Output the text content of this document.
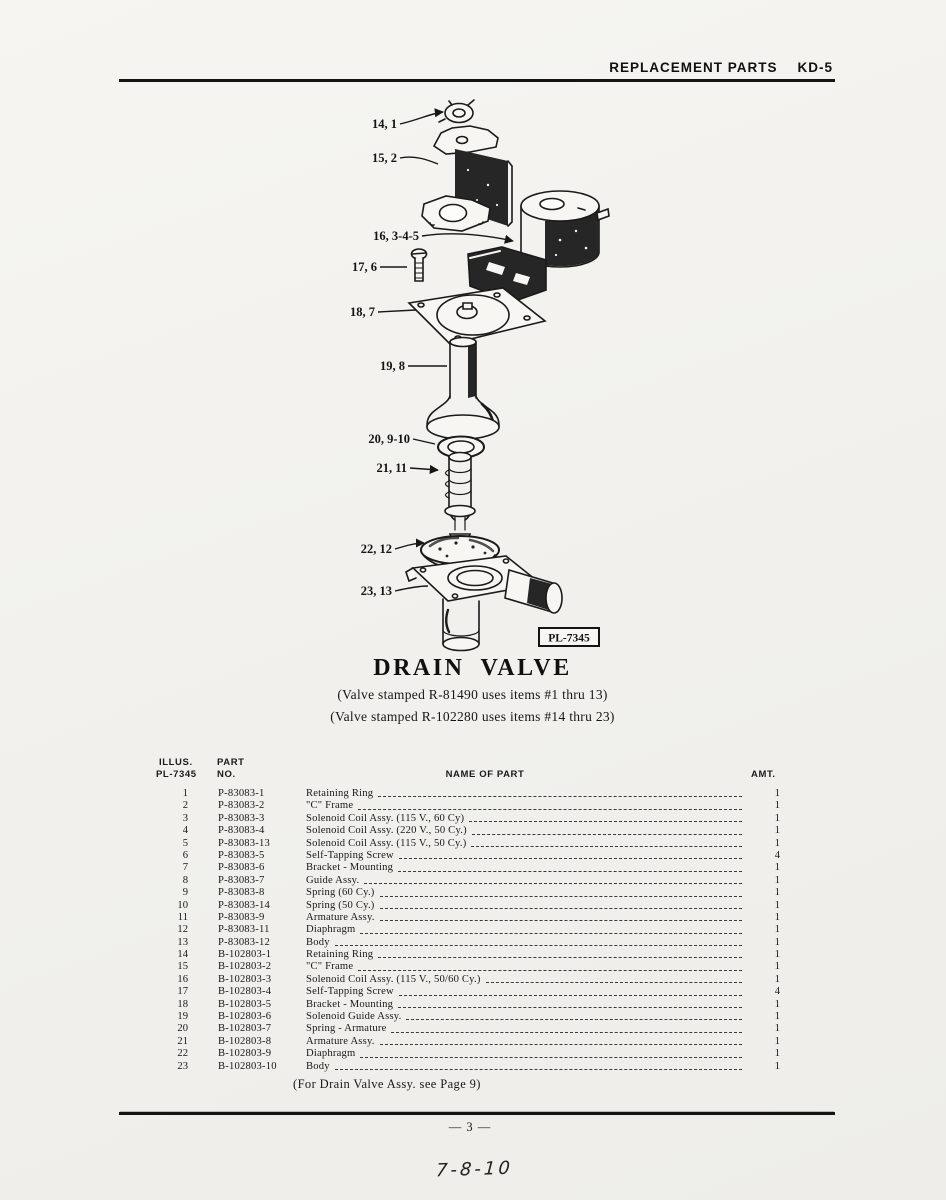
REPLACEMENT PARTS KD-5
14, 1
15, 2
16, 3-4-5
17, 6
18, 7
19, 8
20, 9-10
21, 11
22, 12
23, 13
PL-7345
DRAIN VALVE
(Valve stamped R-81490 uses items #1 thru 13)
(Valve stamped R-102280 uses items #14 thru 23)
ILLUS.
PL-7345
PART
NO.	NAME OF PART	AMT.
1	P-83083-1	Retaining Ring	1
2	P-83083-2	"C" Frame	1
3	P-83083-3	Solenoid Coil Assy. (115 V., 60 Cy)	1
4	P-83083-4	Solenoid Coil Assy. (220 V., 50 Cy.)	1
5	P-83083-13	Solenoid Coil Assy. (115 V., 50 Cy.)	1
6	P-83083-5	Self-Tapping Screw	4
7	P-83083-6	Bracket - Mounting	1
8	P-83083-7	Guide Assy.	1
9	P-83083-8	Spring (60 Cy.)	1
10	P-83083-14	Spring (50 Cy.)	1
11	P-83083-9	Armature Assy.	1
12	P-83083-11	Diaphragm	1
13	P-83083-12	Body	1
14	B-102803-1	Retaining Ring	1
15	B-102803-2	"C" Frame	1
16	B-102803-3	Solenoid Coil Assy. (115 V., 50/60 Cy.)	1
17	B-102803-4	Self-Tapping Screw	4
18	B-102803-5	Bracket - Mounting	1
19	B-102803-6	Solenoid Guide Assy.	1
20	B-102803-7	Spring - Armature	1
21	B-102803-8	Armature Assy.	1
22	B-102803-9	Diaphragm	1
23	B-102803-10	Body	1
(For Drain Valve Assy. see Page 9)
— 3 —
7-8-10
